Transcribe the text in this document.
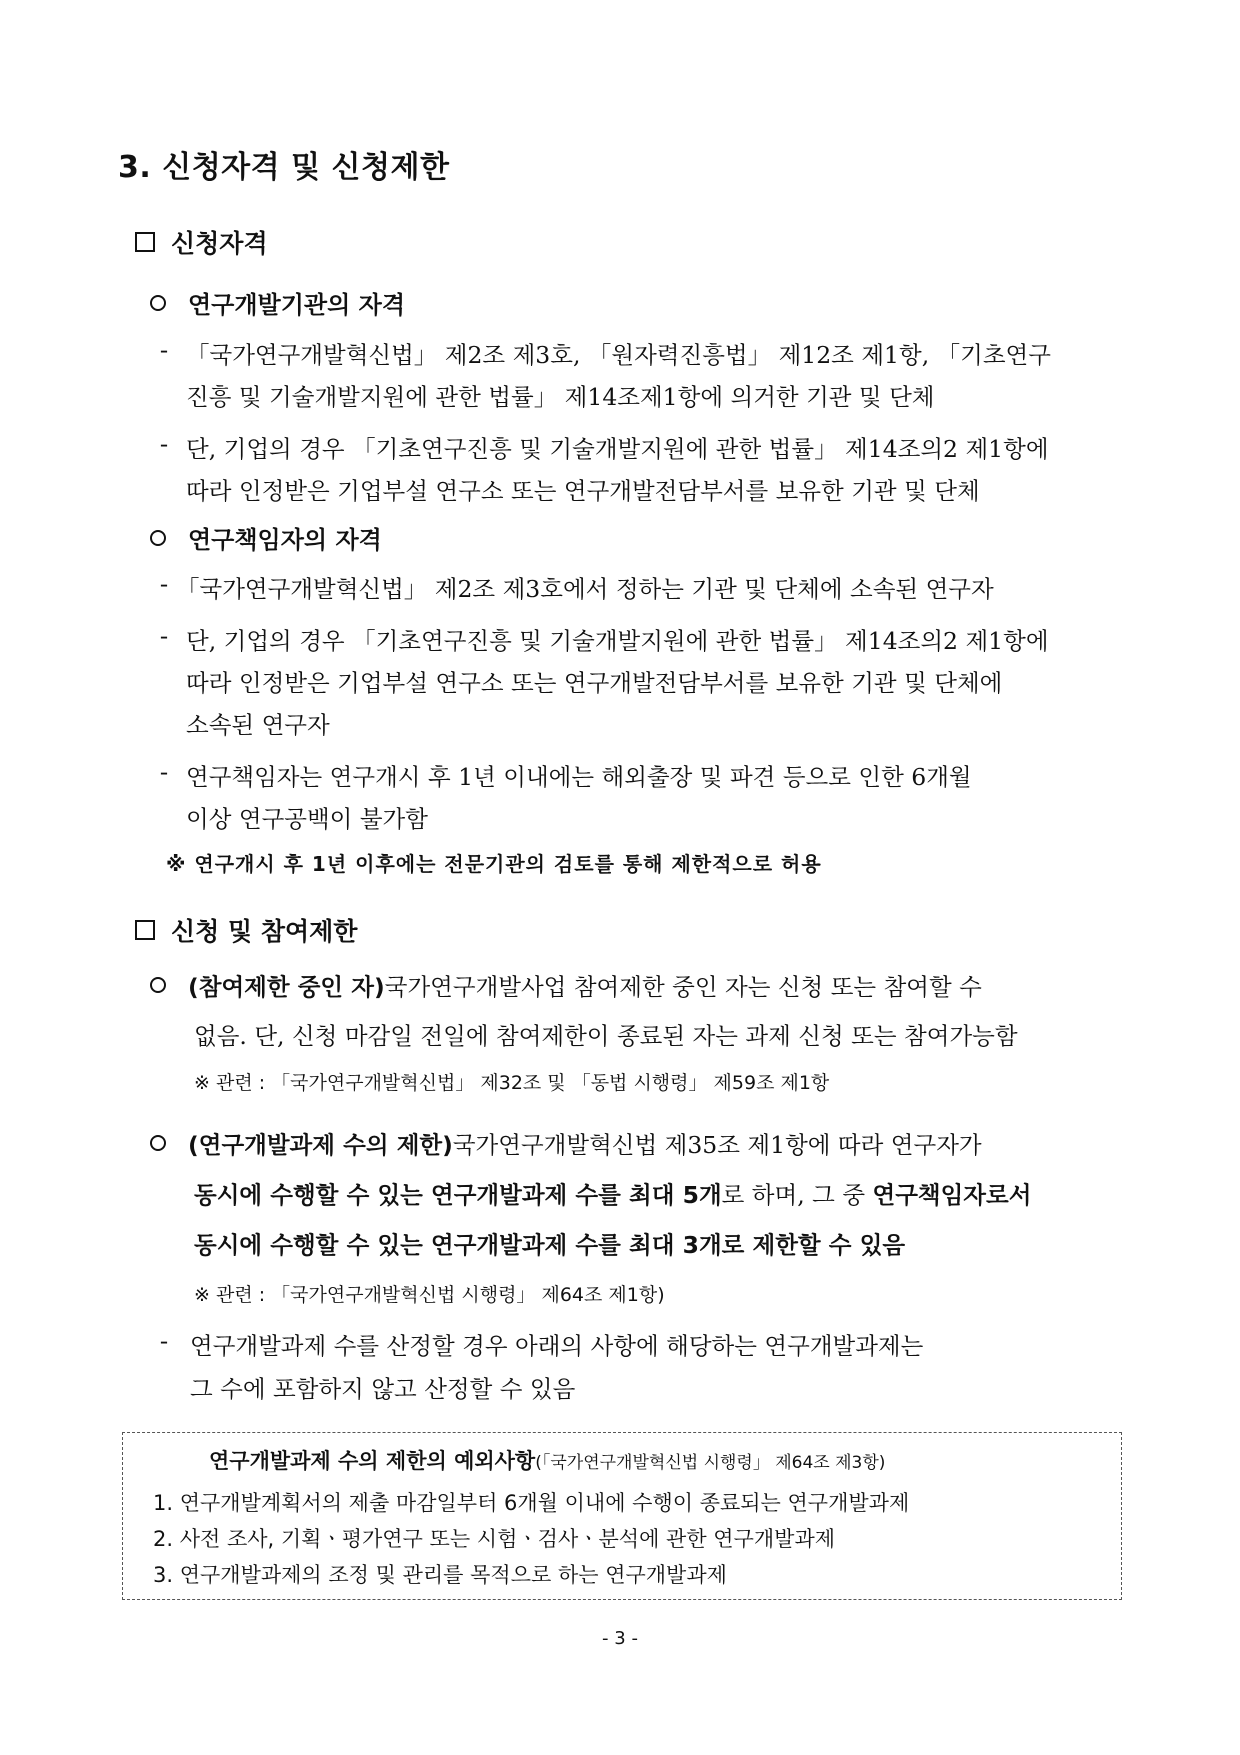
3. 신청자격 및 신청제한
신청자격
연구개발기관의 자격
- 「국가연구개발혁신법」 제2조 제3호, 「원자력진흥법」 제12조 제1항, 「기초연구
진흥 및 기술개발지원에 관한 법률」 제14조제1항에 의거한 기관 및 단체
- 단, 기업의 경우 「기초연구진흥 및 기술개발지원에 관한 법률」 제14조의2 제1항에
따라 인정받은 기업부설 연구소 또는 연구개발전담부서를 보유한 기관 및 단체
연구책임자의 자격
- 「국가연구개발혁신법」 제2조 제3호에서 정하는 기관 및 단체에 소속된 연구자
- 단, 기업의 경우 「기초연구진흥 및 기술개발지원에 관한 법률」 제14조의2 제1항에
따라 인정받은 기업부설 연구소 또는 연구개발전담부서를 보유한 기관 및 단체에
소속된 연구자
- 연구책임자는 연구개시 후 1년 이내에는 해외출장 및 파견 등으로 인한 6개월
이상 연구공백이 불가함
※ 연구개시 후 1년 이후에는 전문기관의 검토를 통해 제한적으로 허용
신청 및 참여제한
(참여제한 중인 자) 국가연구개발사업 참여제한 중인 자는 신청 또는 참여할 수
없음. 단, 신청 마감일 전일에 참여제한이 종료된 자는 과제 신청 또는 참여가능함
※ 관련 : 「국가연구개발혁신법」 제32조 및 「동법 시행령」 제59조 제1항
(연구개발과제 수의 제한) 국가연구개발혁신법 제35조 제1항에 따라 연구자가
동시에 수행할 수 있는 연구개발과제 수를 최대 5개로 하며, 그 중 연구책임자로서
동시에 수행할 수 있는 연구개발과제 수를 최대 3개로 제한할 수 있음
※ 관련 : 「국가연구개발혁신법 시행령」 제64조 제1항)
- 연구개발과제 수를 산정할 경우 아래의 사항에 해당하는 연구개발과제는
그 수에 포함하지 않고 산정할 수 있음
연구개발과제 수의 제한의 예외사항(「국가연구개발혁신법 시행령」 제64조 제3항)
1. 연구개발계획서의 제출 마감일부터 6개월 이내에 수행이 종료되는 연구개발과제
2. 사전 조사, 기획ㆍ평가연구 또는 시험ㆍ검사ㆍ분석에 관한 연구개발과제
3. 연구개발과제의 조정 및 관리를 목적으로 하는 연구개발과제
- 3 -
